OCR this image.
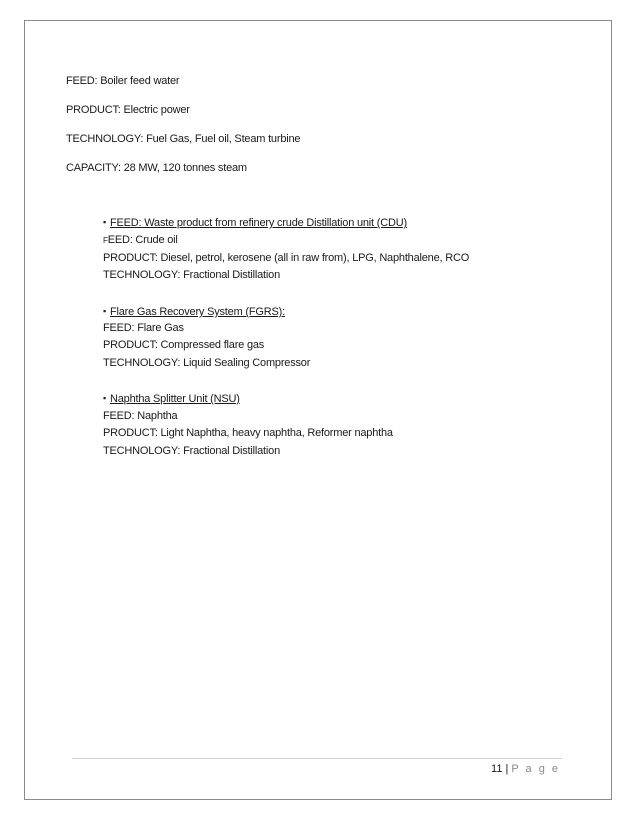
FEED: Boiler feed water
PRODUCT: Electric power
TECHNOLOGY: Fuel Gas, Fuel oil, Steam turbine
CAPACITY: 28 MW, 120 tonnes steam
▪ FEED: Waste product from refinery crude Distillation unit (CDU)
FEED: Crude oil
PRODUCT: Diesel, petrol, kerosene (all in raw from), LPG, Naphthalene, RCO
TECHNOLOGY: Fractional Distillation
▪ Flare Gas Recovery System (FGRS):
FEED: Flare Gas
PRODUCT: Compressed flare gas
TECHNOLOGY: Liquid Sealing Compressor
▪ Naphtha Splitter Unit (NSU)
FEED: Naphtha
PRODUCT: Light Naphtha, heavy naphtha, Reformer naphtha
TECHNOLOGY: Fractional Distillation
11 | P a g e
